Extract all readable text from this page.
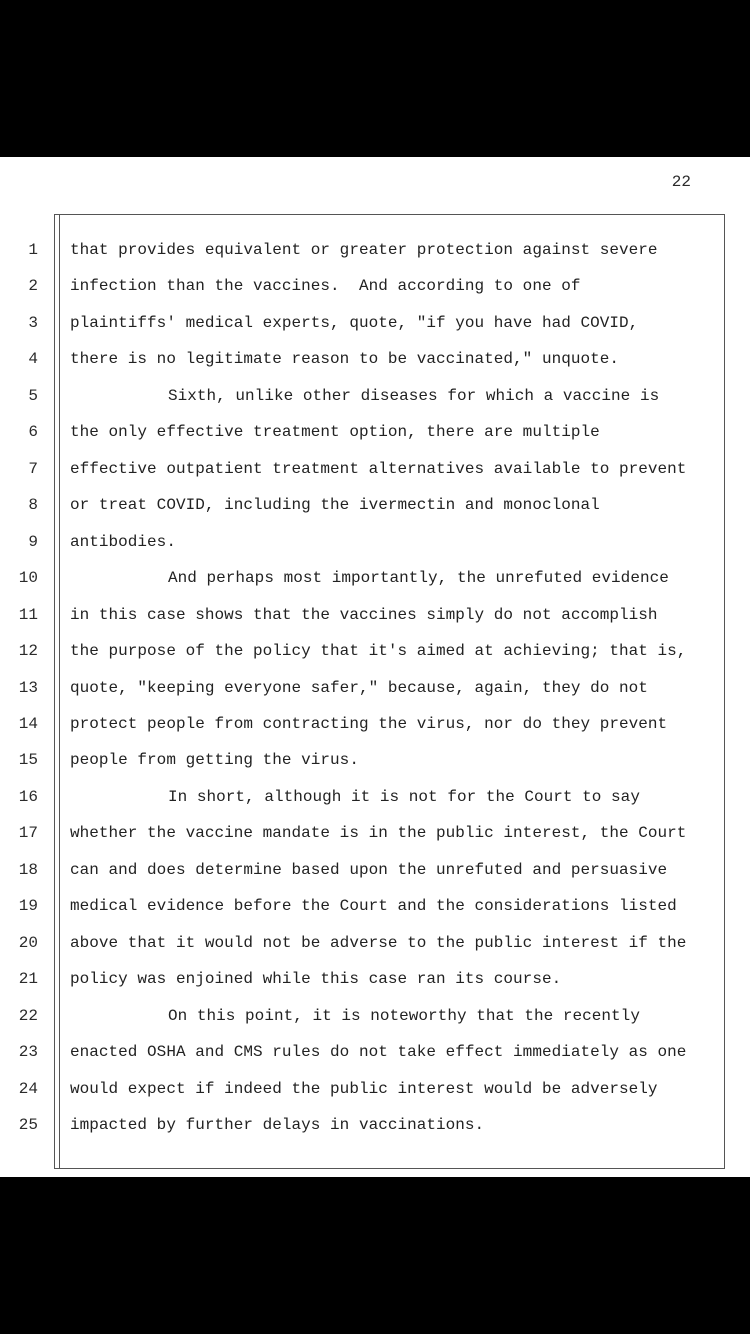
22
1 that provides equivalent or greater protection against severe
2 infection than the vaccines.  And according to one of
3 plaintiffs' medical experts, quote, "if you have had COVID,
4 there is no legitimate reason to be vaccinated," unquote.
5	Sixth, unlike other diseases for which a vaccine is
6 the only effective treatment option, there are multiple
7 effective outpatient treatment alternatives available to prevent
8 or treat COVID, including the ivermectin and monoclonal
9 antibodies.
10	And perhaps most importantly, the unrefuted evidence
11 in this case shows that the vaccines simply do not accomplish
12 the purpose of the policy that it's aimed at achieving; that is,
13 quote, "keeping everyone safer," because, again, they do not
14 protect people from contracting the virus, nor do they prevent
15 people from getting the virus.
16	In short, although it is not for the Court to say
17 whether the vaccine mandate is in the public interest, the Court
18 can and does determine based upon the unrefuted and persuasive
19 medical evidence before the Court and the considerations listed
20 above that it would not be adverse to the public interest if the
21 policy was enjoined while this case ran its course.
22	On this point, it is noteworthy that the recently
23 enacted OSHA and CMS rules do not take effect immediately as one
24 would expect if indeed the public interest would be adversely
25 impacted by further delays in vaccinations.
